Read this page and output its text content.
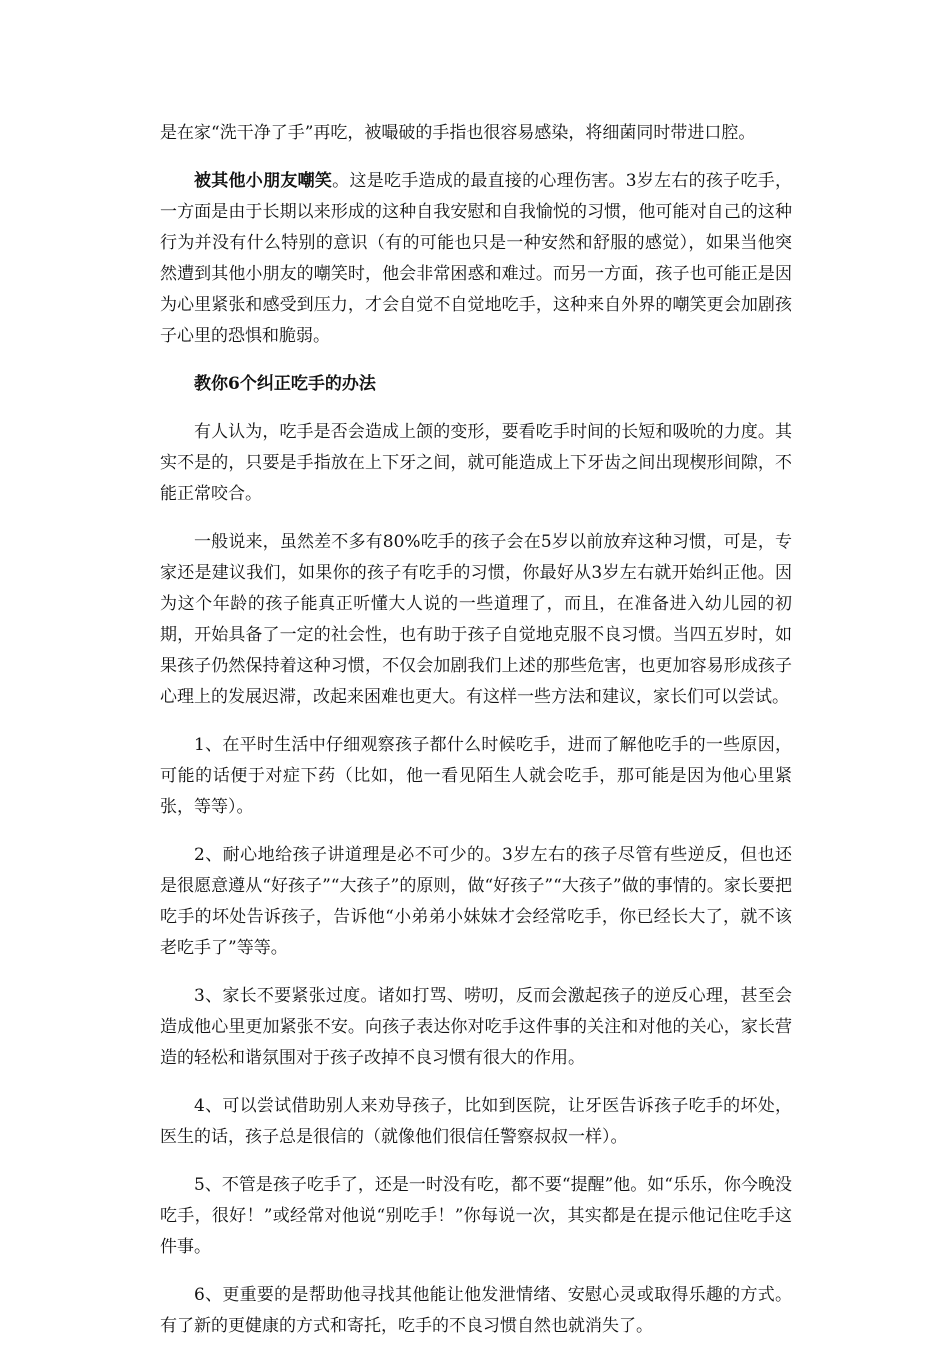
是在家“洗干净了手”再吃，被嘬破的手指也很容易感染，将细菌同时带进口腔。

被其他小朋友嘲笑。这是吃手造成的最直接的心理伤害。3岁左右的孩子吃手，一方面是由于长期以来形成的这种自我安慰和自我愉悦的习惯，他可能对自己的这种行为并没有什么特别的意识（有的可能也只是一种安然和舒服的感觉），如果当他突然遭到其他小朋友的嘲笑时，他会非常困惑和难过。而另一方面，孩子也可能正是因为心里紧张和感受到压力，才会自觉不自觉地吃手，这种来自外界的嘲笑更会加剧孩子心里的恐惧和脆弱。

教你6个纠正吃手的办法

有人认为，吃手是否会造成上颌的变形，要看吃手时间的长短和吸吮的力度。其实不是的，只要是手指放在上下牙之间，就可能造成上下牙齿之间出现楔形间隙，不能正常咬合。

一般说来，虽然差不多有80%吃手的孩子会在5岁以前放弃这种习惯，可是，专家还是建议我们，如果你的孩子有吃手的习惯，你最好从3岁左右就开始纠正他。因为这个年龄的孩子能真正听懂大人说的一些道理了，而且，在准备进入幼儿园的初期，开始具备了一定的社会性，也有助于孩子自觉地克服不良习惯。当四五岁时，如果孩子仍然保持着这种习惯，不仅会加剧我们上述的那些危害，也更加容易形成孩子心理上的发展迟滞，改起来困难也更大。有这样一些方法和建议，家长们可以尝试。

1、在平时生活中仔细观察孩子都什么时候吃手，进而了解他吃手的一些原因，可能的话便于对症下药（比如，他一看见陌生人就会吃手，那可能是因为他心里紧张，等等）。

2、耐心地给孩子讲道理是必不可少的。3岁左右的孩子尽管有些逆反，但也还是很愿意遵从“好孩子”“大孩子”的原则，做“好孩子”“大孩子”做的事情的。家长要把吃手的坏处告诉孩子，告诉他“小弟弟小妹妹才会经常吃手，你已经长大了，就不该老吃手了”等等。

3、家长不要紧张过度。诸如打骂、唠叨，反而会激起孩子的逆反心理，甚至会造成他心里更加紧张不安。向孩子表达你对吃手这件事的关注和对他的关心，家长营造的轻松和谐氛围对于孩子改掉不良习惯有很大的作用。

4、可以尝试借助别人来劝导孩子，比如到医院，让牙医告诉孩子吃手的坏处，医生的话，孩子总是很信的（就像他们很信任警察叔叔一样）。

5、不管是孩子吃手了，还是一时没有吃，都不要“提醒”他。如“乐乐，你今晚没吃手，很好！”或经常对他说“别吃手！”你每说一次，其实都是在提示他记住吃手这件事。

6、更重要的是帮助他寻找其他能让他发泄情绪、安慰心灵或取得乐趣的方式。有了新的更健康的方式和寄托，吃手的不良习惯自然也就消失了。
